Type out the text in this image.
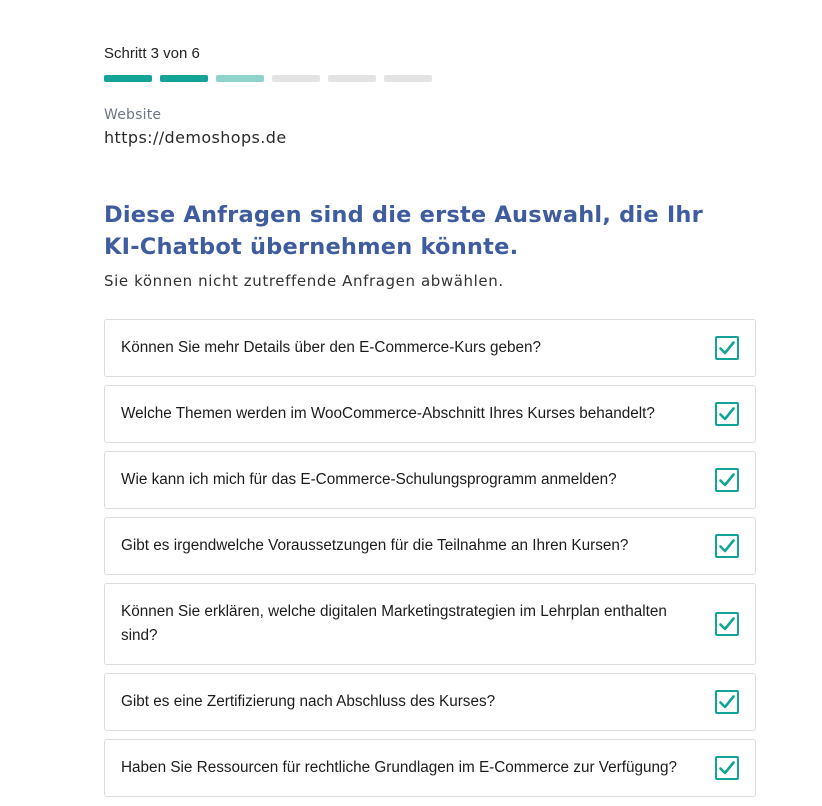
Schritt 3 von 6
Website
https://demoshops.de
Diese Anfragen sind die erste Auswahl, die Ihr KI-Chatbot übernehmen könnte.
Sie können nicht zutreffende Anfragen abwählen.
Können Sie mehr Details über den E-Commerce-Kurs geben?
Welche Themen werden im WooCommerce-Abschnitt Ihres Kurses behandelt?
Wie kann ich mich für das E-Commerce-Schulungsprogramm anmelden?
Gibt es irgendwelche Voraussetzungen für die Teilnahme an Ihren Kursen?
Können Sie erklären, welche digitalen Marketingstrategien im Lehrplan enthalten sind?
Gibt es eine Zertifizierung nach Abschluss des Kurses?
Haben Sie Ressourcen für rechtliche Grundlagen im E-Commerce zur Verfügung?
